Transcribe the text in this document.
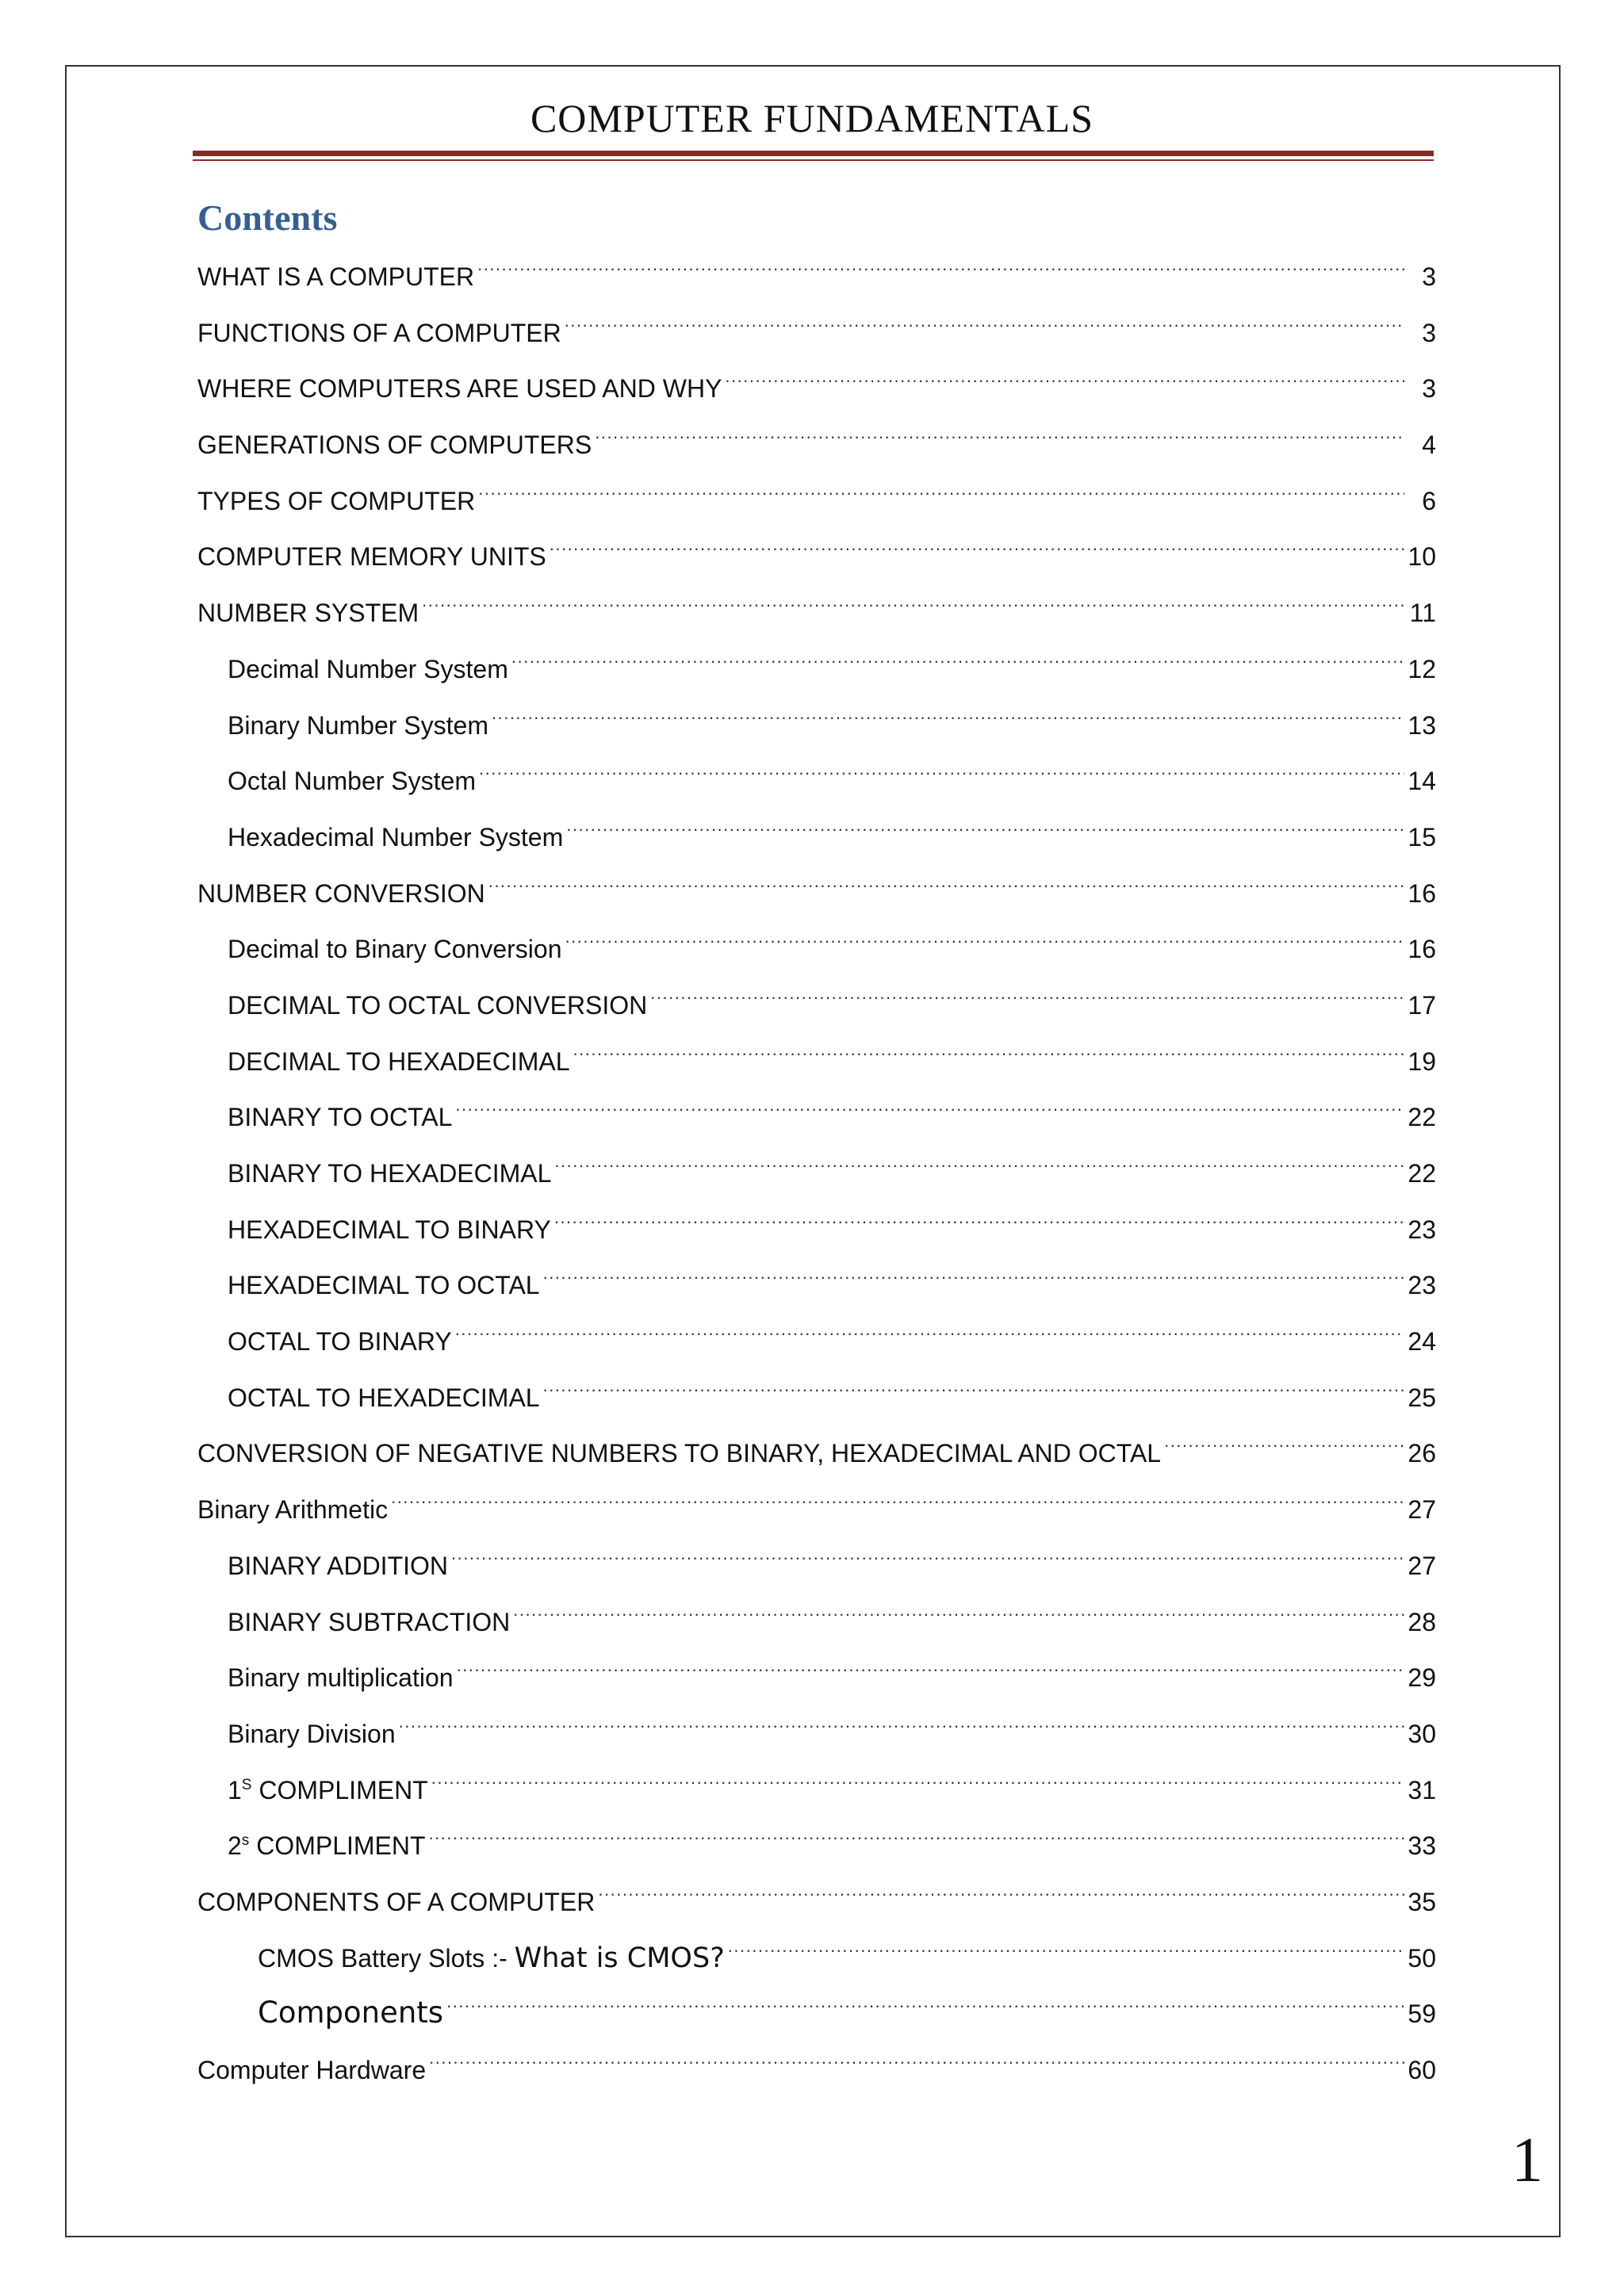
COMPUTER FUNDAMENTALS
Contents
WHAT IS A COMPUTER .....	3
FUNCTIONS OF A COMPUTER .....	3
WHERE COMPUTERS ARE USED AND WHY .....	3
GENERATIONS OF COMPUTERS .....	4
TYPES OF COMPUTER .....	6
COMPUTER MEMORY UNITS .....	10
NUMBER SYSTEM .....	11
Decimal Number System .....	12
Binary Number System .....	13
Octal Number System .....	14
Hexadecimal Number System .....	15
NUMBER CONVERSION .....	16
Decimal to Binary Conversion .....	16
DECIMAL TO OCTAL CONVERSION .....	17
DECIMAL TO HEXADECIMAL .....	19
BINARY TO OCTAL .....	22
BINARY TO HEXADECIMAL .....	22
HEXADECIMAL TO BINARY .....	23
HEXADECIMAL TO OCTAL .....	23
OCTAL TO BINARY .....	24
OCTAL TO HEXADECIMAL .....	25
CONVERSION OF NEGATIVE NUMBERS TO BINARY, HEXADECIMAL AND OCTAL .....	26
Binary Arithmetic .....	27
BINARY ADDITION .....	27
BINARY SUBTRACTION .....	28
Binary multiplication .....	29
Binary Division .....	30
$1^S$ COMPLIMENT .....	31
2$^s$ COMPLIMENT .....	33
COMPONENTS OF A COMPUTER .....	35
CMOS Battery Slots :- What is CMOS? .....	50
Components .....	59
Computer Hardware .....	60
1
